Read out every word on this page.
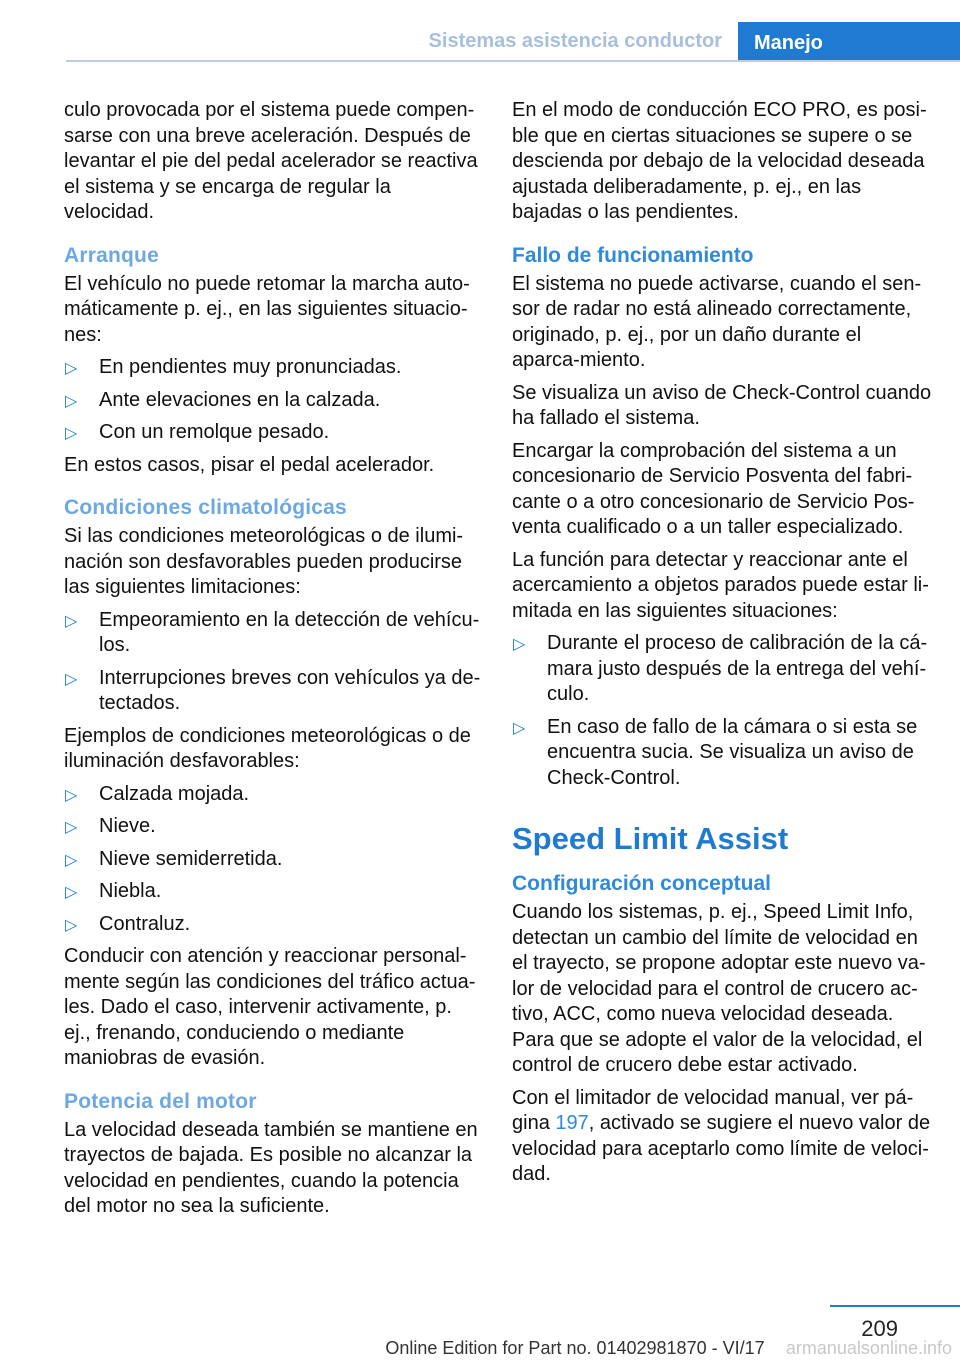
Sistemas asistencia conductor	Manejo

culo provocada por el sistema puede compen-sarse con una breve aceleración. Después de levantar el pie del pedal acelerador se reactiva el sistema y se encarga de regular la velocidad.

Arranque

El vehículo no puede retomar la marcha auto-máticamente p. ej., en las siguientes situacio-nes:

▷ En pendientes muy pronunciadas.
▷ Ante elevaciones en la calzada.
▷ Con un remolque pesado.

En estos casos, pisar el pedal acelerador.

Condiciones climatológicas

Si las condiciones meteorológicas o de ilumi-nación son desfavorables pueden producirse las siguientes limitaciones:

▷ Empeoramiento en la detección de vehícu-los.
▷ Interrupciones breves con vehículos ya de-tectados.

Ejemplos de condiciones meteorológicas o de iluminación desfavorables:

▷ Calzada mojada.
▷ Nieve.
▷ Nieve semiderretida.
▷ Niebla.
▷ Contraluz.

Conducir con atención y reaccionar personal-mente según las condiciones del tráfico actua-les. Dado el caso, intervenir activamente, p. ej., frenando, conduciendo o mediante maniobras de evasión.

Potencia del motor

La velocidad deseada también se mantiene en trayectos de bajada. Es posible no alcanzar la velocidad en pendientes, cuando la potencia del motor no sea la suficiente.

En el modo de conducción ECO PRO, es posi-ble que en ciertas situaciones se supere o se descienda por debajo de la velocidad deseada ajustada deliberadamente, p. ej., en las bajadas o las pendientes.

Fallo de funcionamiento

El sistema no puede activarse, cuando el sen-sor de radar no está alineado correctamente, originado, p. ej., por un daño durante el aparca-miento.

Se visualiza un aviso de Check-Control cuando ha fallado el sistema.

Encargar la comprobación del sistema a un concesionario de Servicio Posventa del fabri-cante o a otro concesionario de Servicio Pos-venta cualificado o a un taller especializado.

La función para detectar y reaccionar ante el acercamiento a objetos parados puede estar li-mitada en las siguientes situaciones:

▷ Durante el proceso de calibración de la cá-mara justo después de la entrega del vehí-culo.
▷ En caso de fallo de la cámara o si esta se encuentra sucia. Se visualiza un aviso de Check-Control.
Speed Limit Assist
Configuración conceptual

Cuando los sistemas, p. ej., Speed Limit Info, detectan un cambio del límite de velocidad en el trayecto, se propone adoptar este nuevo va-lor de velocidad para el control de crucero ac-tivo, ACC, como nueva velocidad deseada. Para que se adopte el valor de la velocidad, el control de crucero debe estar activado.

Con el limitador de velocidad manual, ver pá-gina 197, activado se sugiere el nuevo valor de velocidad para aceptarlo como límite de veloci-dad.

209
Online Edition for Part no. 01402981870 - VI/17	armanualsonline.info
